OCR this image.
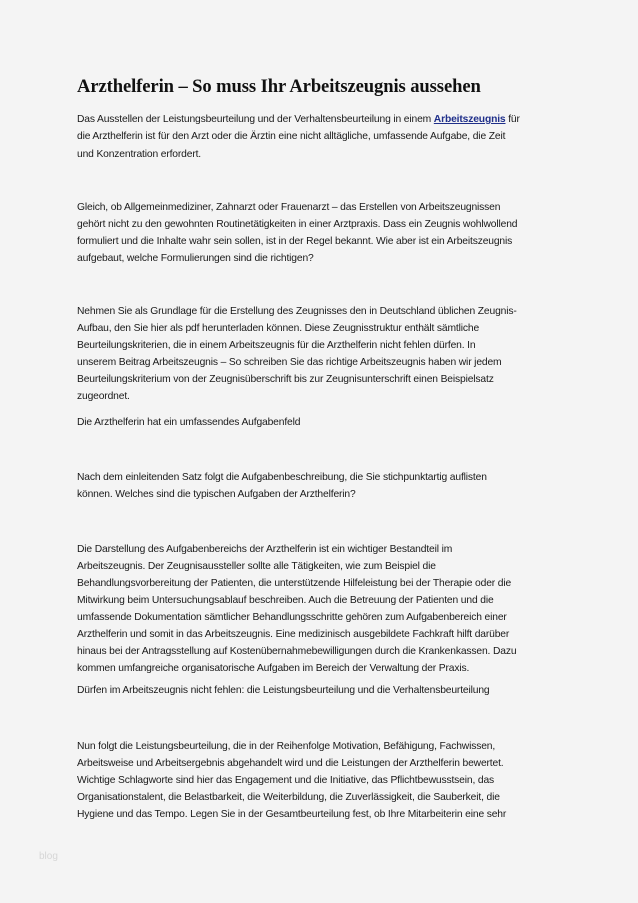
Arzthelferin – So muss Ihr Arbeitszeugnis aussehen
Das Ausstellen der Leistungsbeurteilung und der Verhaltensbeurteilung in einem Arbeitszeugnis für
die Arzthelferin ist für den Arzt oder die Ärztin eine nicht alltägliche, umfassende Aufgabe, die Zeit
und Konzentration erfordert.
Gleich, ob Allgemeinmediziner, Zahnarzt oder Frauenarzt – das Erstellen von Arbeitszeugnissen
gehört nicht zu den gewohnten Routinetätigkeiten in einer Arztpraxis. Dass ein Zeugnis wohlwollend
formuliert und die Inhalte wahr sein sollen, ist in der Regel bekannt. Wie aber ist ein Arbeitszeugnis
aufgebaut, welche Formulierungen sind die richtigen?
Nehmen Sie als Grundlage für die Erstellung des Zeugnisses den in Deutschland üblichen Zeugnis-
Aufbau, den Sie hier als pdf herunterladen können. Diese Zeugnisstruktur enthält sämtliche
Beurteilungskriterien, die in einem Arbeitszeugnis für die Arzthelferin nicht fehlen dürfen. In
unserem Beitrag Arbeitszeugnis – So schreiben Sie das richtige Arbeitszeugnis haben wir jedem
Beurteilungskriterium von der Zeugnisüberschrift bis zur Zeugnisunterschrift einen Beispielsatz
zugeordnet.
Die Arzthelferin hat ein umfassendes Aufgabenfeld
Nach dem einleitenden Satz folgt die Aufgabenbeschreibung, die Sie stichpunktartig auflisten
können. Welches sind die typischen Aufgaben der Arzthelferin?
Die Darstellung des Aufgabenbereichs der Arzthelferin ist ein wichtiger Bestandteil im
Arbeitszeugnis. Der Zeugnisaussteller sollte alle Tätigkeiten, wie zum Beispiel die
Behandlungsvorbereitung der Patienten, die unterstützende Hilfeleistung bei der Therapie oder die
Mitwirkung beim Untersuchungsablauf beschreiben. Auch die Betreuung der Patienten und die
umfassende Dokumentation sämtlicher Behandlungsschritte gehören zum Aufgabenbereich einer
Arzthelferin und somit in das Arbeitszeugnis. Eine medizinisch ausgebildete Fachkraft hilft darüber
hinaus bei der Antragsstellung auf Kostenübernahmebewilligungen durch die Krankenkassen. Dazu
kommen umfangreiche organisatorische Aufgaben im Bereich der Verwaltung der Praxis.
Dürfen im Arbeitszeugnis nicht fehlen: die Leistungsbeurteilung und die Verhaltensbeurteilung
Nun folgt die Leistungsbeurteilung, die in der Reihenfolge Motivation, Befähigung, Fachwissen,
Arbeitsweise und Arbeitsergebnis abgehandelt wird und die Leistungen der Arzthelferin bewertet.
Wichtige Schlagworte sind hier das Engagement und die Initiative, das Pflichtbewusstsein, das
Organisationstalent, die Belastbarkeit, die Weiterbildung, die Zuverlässigkeit, die Sauberkeit, die
Hygiene und das Tempo. Legen Sie in der Gesamtbeurteilung fest, ob Ihre Mitarbeiterin eine sehr
blog
